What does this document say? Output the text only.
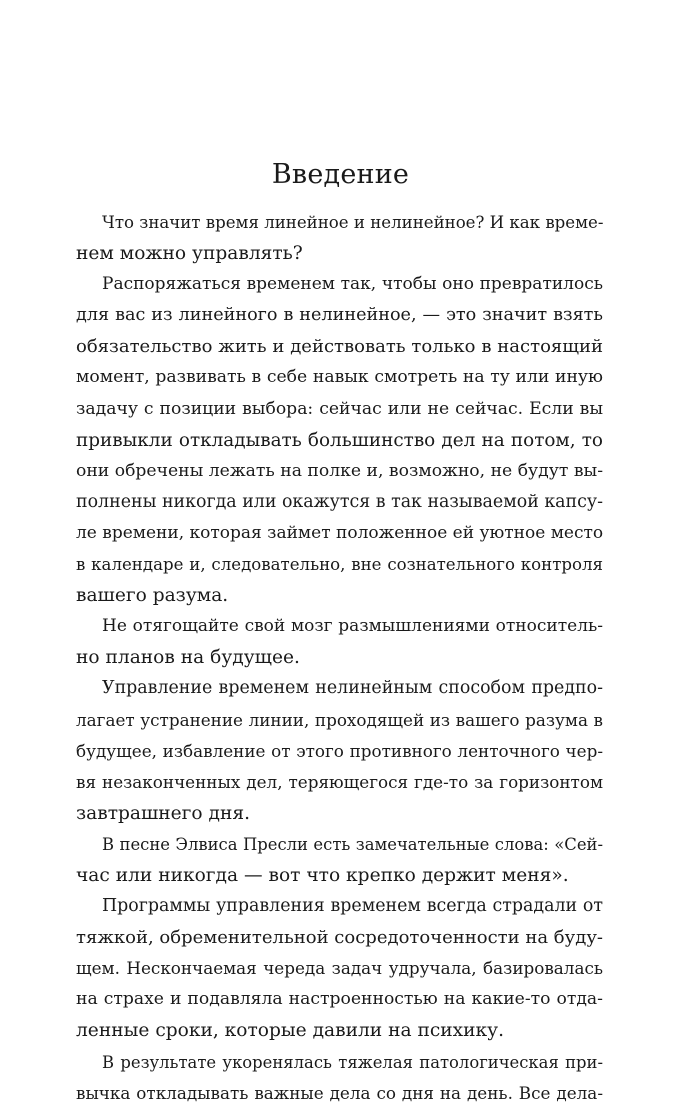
Введение
Что значит время линейное и нелинейное? И как време-
нем можно управлять?
Распоряжаться временем так, чтобы оно превратилось
для вас из линейного в нелинейное, — это значит взять
обязательство жить и действовать только в настоящий
момент, развивать в себе навык смотреть на ту или иную
задачу с позиции выбора: сейчас или не сейчас. Если вы
привыкли откладывать большинство дел на потом, то
они обречены лежать на полке и, возможно, не будут вы-
полнены никогда или окажутся в так называемой капсу-
ле времени, которая займет положенное ей уютное место
в календаре и, следовательно, вне сознательного контроля
вашего разума.
Не отягощайте свой мозг размышлениями относитель-
но планов на будущее.
Управление временем нелинейным способом предпо-
лагает устранение линии, проходящей из вашего разума в
будущее, избавление от этого противного ленточного чер-
вя незаконченных дел, теряющегося где-то за горизонтом
завтрашнего дня.
В песне Элвиса Пресли есть замечательные слова: «Сей-
час или никогда — вот что крепко держит меня».
Программы управления временем всегда страдали от
тяжкой, обременительной сосредоточенности на буду-
щем. Нескончаемая череда задач удручала, базировалась
на страхе и подавляла настроенностью на какие-то отда-
ленные сроки, которые давили на психику.
В результате укоренялась тяжелая патологическая при-
вычка откладывать важные дела со дня на день. Все дела-
